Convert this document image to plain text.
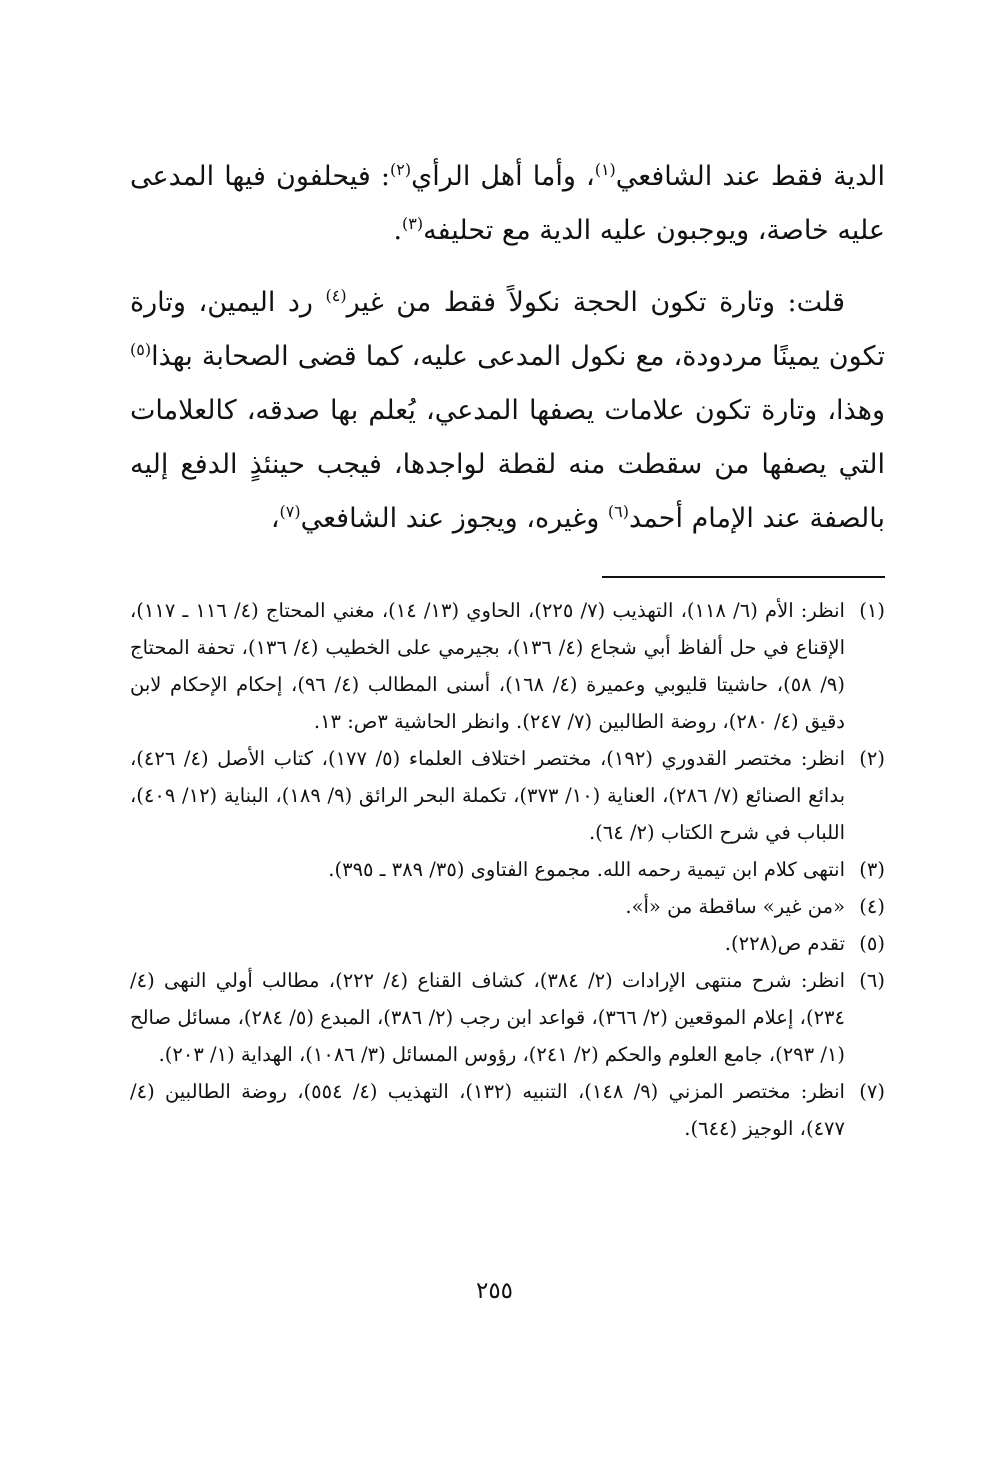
الدية فقط عند الشافعي$^{(١)}$، وأما أهل الرأي$^{(٢)}$: فيحلفون فيها المدعى عليه خاصة، ويوجبون عليه الدية مع تحليفه$^{(٣)}$.

قلت: وتارة تكون الحجة نكولاً فقط من غير$^{(٤)}$ رد اليمين، وتارة تكون يمينًا مردودة، مع نكول المدعى عليه، كما قضى الصحابة بهذا$^{(٥)}$ وهذا، وتارة تكون علامات يصفها المدعي، يُعلم بها صدقه، كالعلامات التي يصفها من سقطت منه لقطة لواجدها، فيجب حينئذٍ الدفع إليه بالصفة عند الإمام أحمد$^{(٦)}$ وغيره، ويجوز عند الشافعي$^{(٧)}$،

(١)
انظر: الأم (٦/ ١١٨)، التهذيب (٧/ ٢٢٥)، الحاوي (١٣/ ١٤)، مغني المحتاج (٤/ ١١٦ ـ ١١٧)، الإقناع في حل ألفاظ أبي شجاع (٤/ ١٣٦)، بجيرمي على الخطيب (٤/ ١٣٦)، تحفة المحتاج (٩/ ٥٨)، حاشيتا قليوبي وعميرة (٤/ ١٦٨)، أسنى المطالب (٤/ ٩٦)، إحكام الإحكام لابن دقيق (٤/ ٢٨٠)، روضة الطالبين (٧/ ٢٤٧). وانظر الحاشية ٣ص: ١٣.
(٢)
انظر: مختصر القدوري (١٩٢)، مختصر اختلاف العلماء (٥/ ١٧٧)، كتاب الأصل (٤/ ٤٢٦)، بدائع الصنائع (٧/ ٢٨٦)، العناية (١٠/ ٣٧٣)، تكملة البحر الرائق (٩/ ١٨٩)، البناية (١٢/ ٤٠٩)، اللباب في شرح الكتاب (٢/ ٦٤).
(٣)
انتهى كلام ابن تيمية رحمه الله. مجموع الفتاوى (٣٥/ ٣٨٩ ـ ٣٩٥).
(٤)
«من غير» ساقطة من «أ».
(٥)
تقدم ص(٢٢٨).
(٦)
انظر: شرح منتهى الإرادات (٢/ ٣٨٤)، كشاف القناع (٤/ ٢٢٢)، مطالب أولي النهى (٤/ ٢٣٤)، إعلام الموقعين (٢/ ٣٦٦)، قواعد ابن رجب (٢/ ٣٨٦)، المبدع (٥/ ٢٨٤)، مسائل صالح (١/ ٢٩٣)، جامع العلوم والحكم (٢/ ٢٤١)، رؤوس المسائل (٣/ ١٠٨٦)، الهداية (١/ ٢٠٣).
(٧)
انظر: مختصر المزني (٩/ ١٤٨)، التنبيه (١٣٢)، التهذيب (٤/ ٥٥٤)، روضة الطالبين (٤/ ٤٧٧)، الوجيز (٦٤٤).
٢٥٥
